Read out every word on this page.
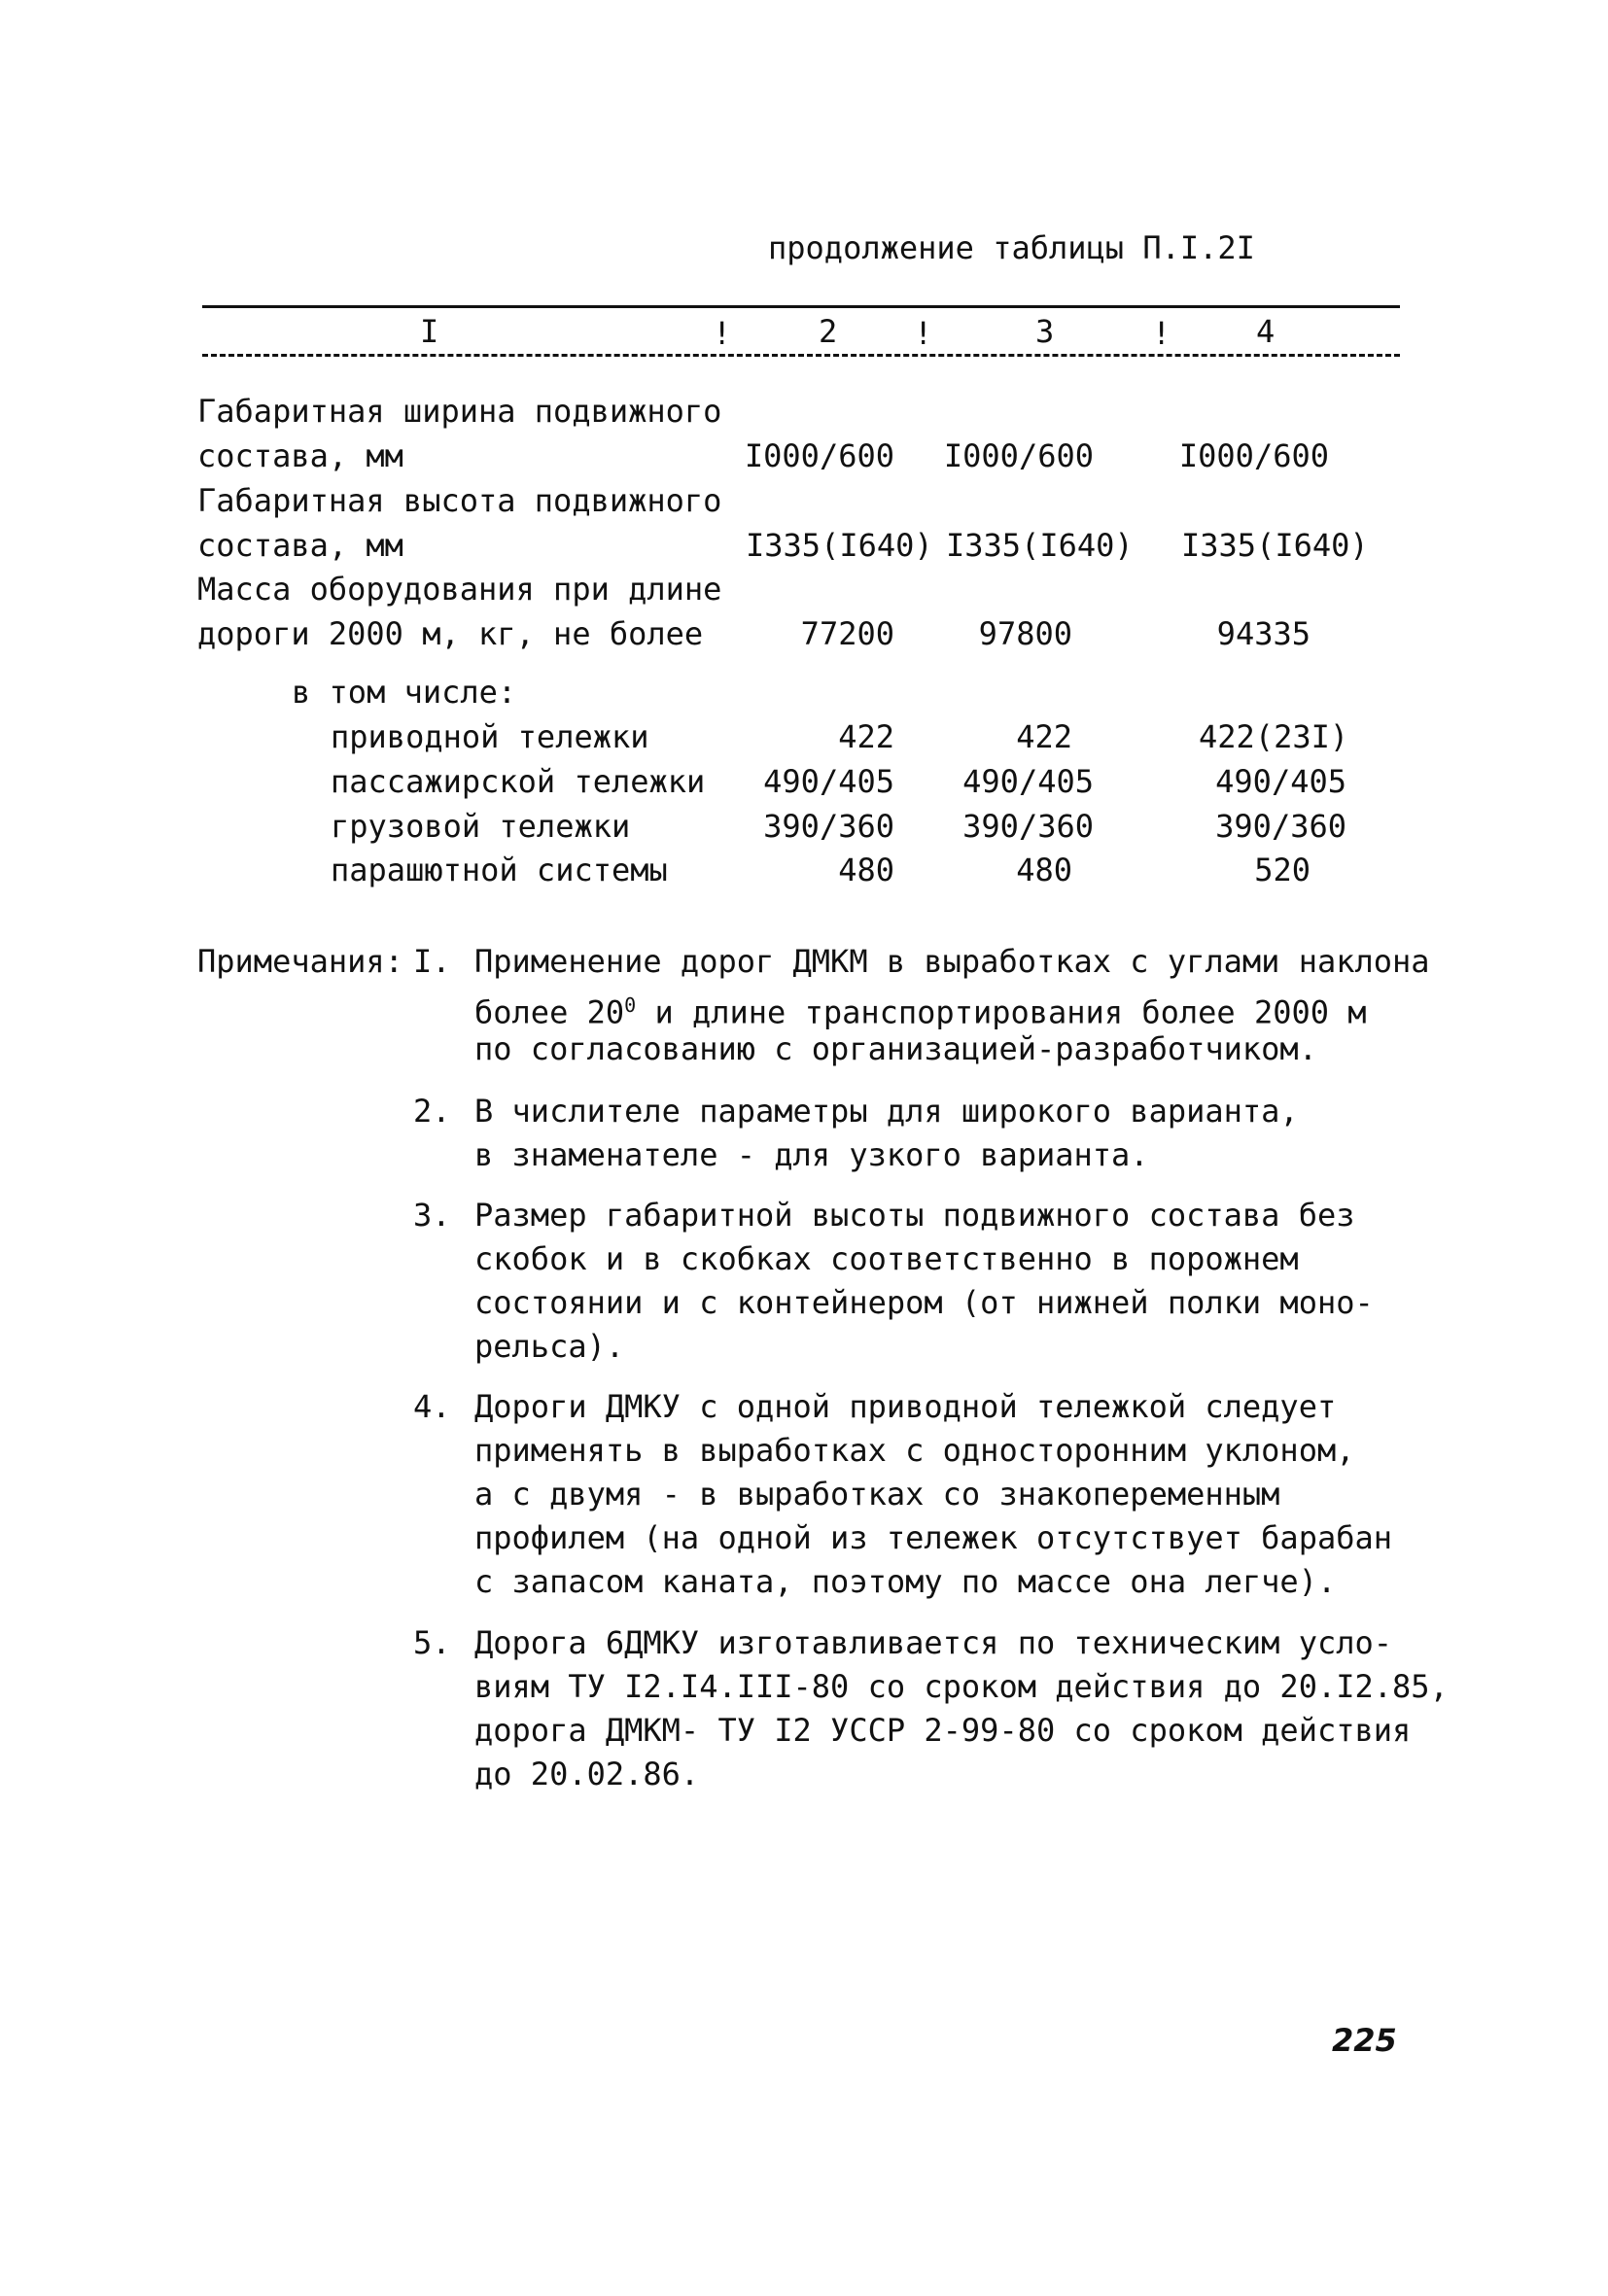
продолжение таблицы П.I.2I
I	!	2 !	3	!	4
Габаритная ширина подвижного
состава, мм	I000/600	I000/600	I000/600
Габаритная высота подвижного
состава, мм	I335(I640) I335(I640) I335(I640)
Масса оборудования при длине
дороги 2000 м, кг, не более	77200	97800	94335
в том числе:
приводной тележки	422	422	422(23I)
пассажирской тележки	490/405	490/405	490/405
грузовой тележки	390/360	390/360	390/360
парашютной системы	480	480	520
Примечания: I. Применение дорог ДМКМ в выработках с углами наклона
более $20^0$ и длине транспортирования более 2000 м
по согласованию с организацией-разработчиком.
2. В числителе параметры для широкого варианта,
в знаменателе - для узкого варианта.
3. Размер габаритной высоты подвижного состава без
скобок и в скобках соответственно в порожнем
состоянии и с контейнером (от нижней полки моно-
рельса).
4. Дороги ДМКУ с одной приводной тележкой следует
применять в выработках с односторонним уклоном,
а с двумя - в выработках со знакопеременным
профилем (на одной из тележек отсутствует барабан
с запасом каната, поэтому по массе она легче).
5. Дорога 6ДМКУ изготавливается по техническим усло-
виям ТУ I2.I4.III-80 со сроком действия до 20.I2.85,
дорога ДМКМ- ТУ I2 УССР 2-99-80 со сроком действия
до 20.02.86.
225
